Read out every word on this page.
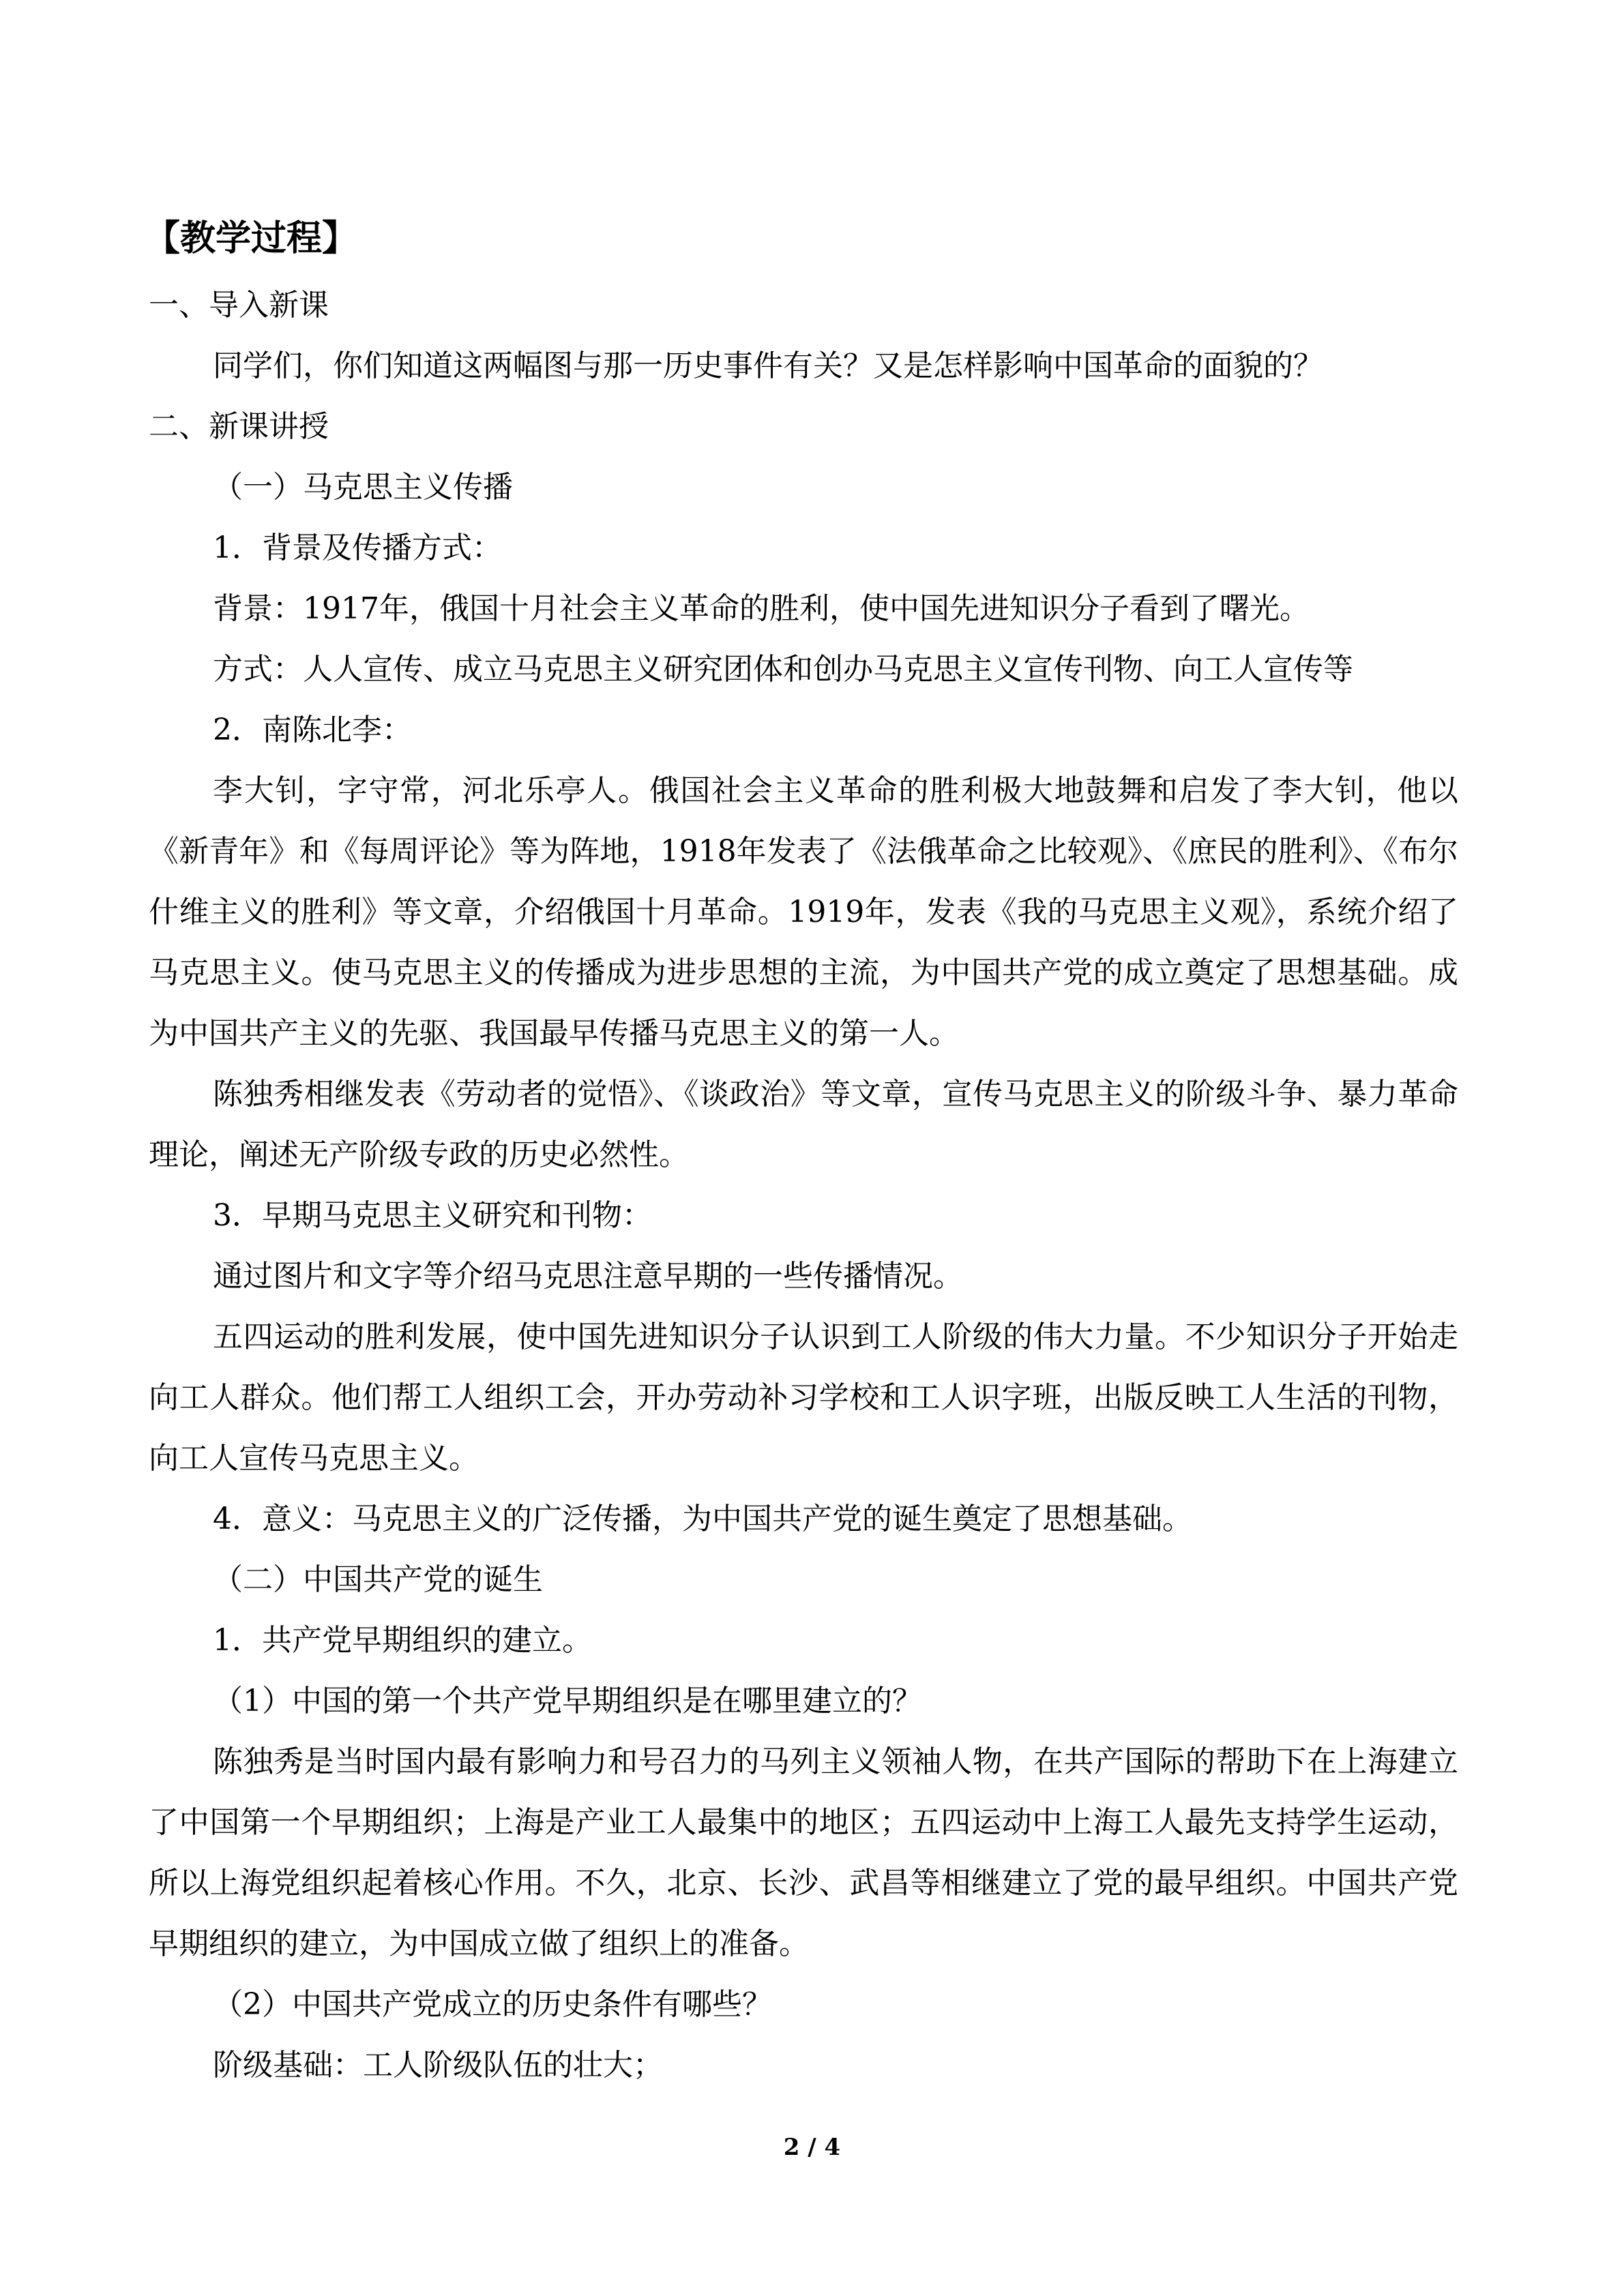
【教学过程】

一、导入新课

同学们，你们知道这两幅图与那一历史事件有关？又是怎样影响中国革命的面貌的？

二、新课讲授

（一）马克思主义传播

1．背景及传播方式：

背景：1917年，俄国十月社会主义革命的胜利，使中国先进知识分子看到了曙光。

方式：人人宣传、成立马克思主义研究团体和创办马克思主义宣传刊物、向工人宣传等

2．南陈北李：

李大钊，字守常，河北乐亭人。俄国社会主义革命的胜利极大地鼓舞和启发了李大钊，他以《新青年》和《每周评论》等为阵地，1918年发表了《法俄革命之比较观》、《庶民的胜利》、《布尔什维主义的胜利》等文章，介绍俄国十月革命。1919年，发表《我的马克思主义观》，系统介绍了马克思主义。使马克思主义的传播成为进步思想的主流，为中国共产党的成立奠定了思想基础。成为中国共产主义的先驱、我国最早传播马克思主义的第一人。

陈独秀相继发表《劳动者的觉悟》、《谈政治》等文章，宣传马克思主义的阶级斗争、暴力革命理论，阐述无产阶级专政的历史必然性。

3．早期马克思主义研究和刊物：

通过图片和文字等介绍马克思注意早期的一些传播情况。

五四运动的胜利发展，使中国先进知识分子认识到工人阶级的伟大力量。不少知识分子开始走向工人群众。他们帮工人组织工会，开办劳动补习学校和工人识字班，出版反映工人生活的刊物，向工人宣传马克思主义。

4．意义：马克思主义的广泛传播，为中国共产党的诞生奠定了思想基础。

（二）中国共产党的诞生

1．共产党早期组织的建立。

（1）中国的第一个共产党早期组织是在哪里建立的？

陈独秀是当时国内最有影响力和号召力的马列主义领袖人物，在共产国际的帮助下在上海建立了中国第一个早期组织；上海是产业工人最集中的地区；五四运动中上海工人最先支持学生运动，所以上海党组织起着核心作用。不久，北京、长沙、武昌等相继建立了党的最早组织。中国共产党早期组织的建立，为中国成立做了组织上的准备。

（2）中国共产党成立的历史条件有哪些？

阶级基础：工人阶级队伍的壮大；

2 / 4
